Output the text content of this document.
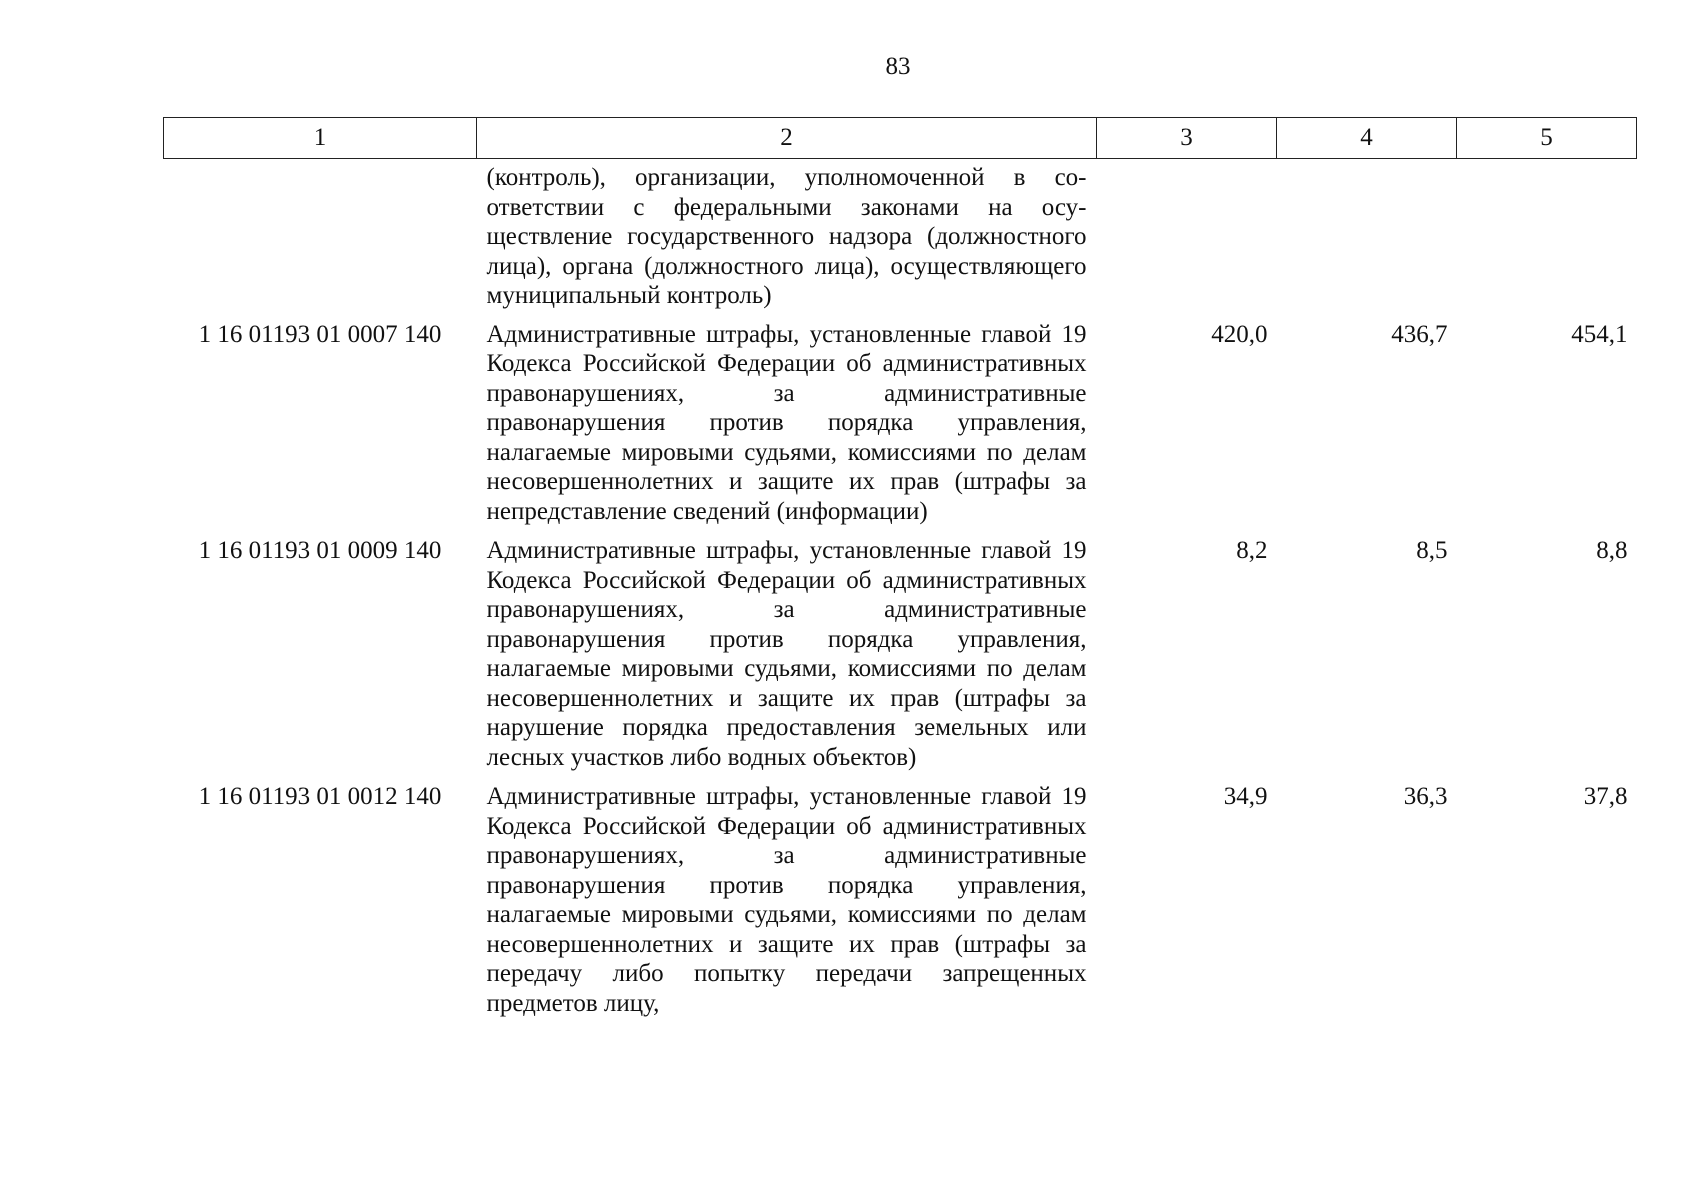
83
1	2	3	4	5
	(контроль), организации, уполномоченной в соответствии с федеральными законами на осуществление государственного надзора (должностного лица), органа (должностного лица), осуществляющего муниципальный контроль)			
1 16 01193 01 0007 140	Административные штрафы, установленные главой 19 Кодекса Российской Федерации об административных правонарушениях, за административные правонарушения против порядка управления, налагаемые мировыми судьями, комиссиями по делам несовершеннолетних и защите их прав (штрафы за непредставление сведений (информации)	420,0	436,7	454,1
1 16 01193 01 0009 140	Административные штрафы, установленные главой 19 Кодекса Российской Федерации об административных правонарушениях, за административные правонарушения против порядка управления, налагаемые мировыми судьями, комиссиями по делам несовершеннолетних и защите их прав (штрафы за нарушение порядка предоставления земельных или лесных участков либо водных объектов)	8,2	8,5	8,8
1 16 01193 01 0012 140	Административные штрафы, установленные главой 19 Кодекса Российской Федерации об административных правонарушениях, за административные правонарушения против порядка управления, налагаемые мировыми судьями, комиссиями по делам несовершеннолетних и защите их прав (штрафы за передачу либо попытку передачи запрещенных предметов лицу,	34,9	36,3	37,8
